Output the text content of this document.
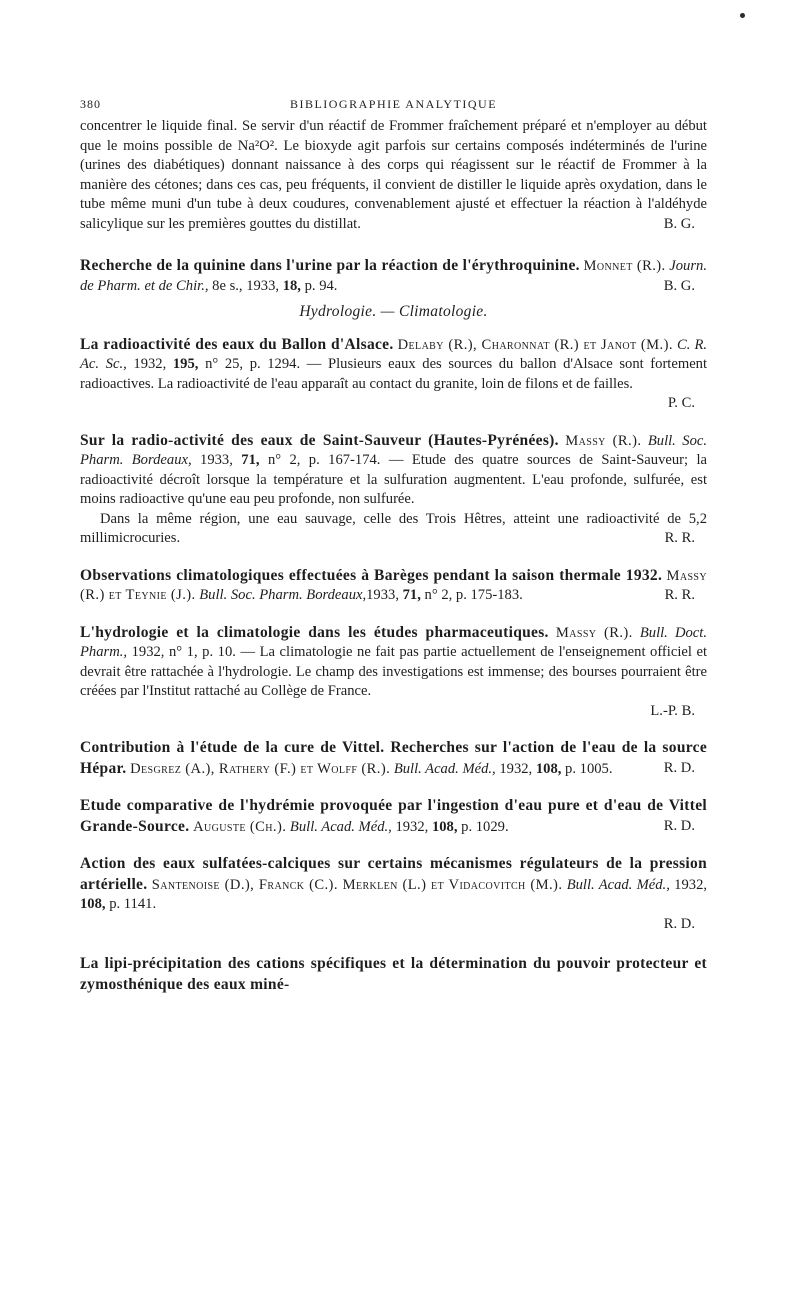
380	BIBLIOGRAPHIE ANALYTIQUE

concentrer le liquide final. Se servir d'un réactif de Frommer fraîchement préparé et n'employer au début que le moins possible de Na²O². Le bioxyde agit parfois sur certains composés indéterminés de l'urine (urines des diabétiques) donnant naissance à des corps qui réagissent sur le réactif de Frommer à la manière des cétones; dans ces cas, peu fréquents, il convient de distiller le liquide après oxydation, dans le tube même muni d'un tube à deux coudures, convenablement ajusté et effectuer la réaction à l'aldéhyde salicylique sur les premières gouttes du distillat.	B. G.

Recherche de la quinine dans l'urine par la réaction de l'érythroquinine. Monnet (R.). Journ. de Pharm. et de Chir., 8e s., 1933, 18, p. 94.	B. G.

Hydrologie. — Climatologie.

La radioactivité des eaux du Ballon d'Alsace. Delaby (R.), Charonnat (R.) et Janot (M.). C. R. Ac. Sc., 1932, 195, n° 25, p. 1294. — Plusieurs eaux des sources du ballon d'Alsace sont fortement radioactives. La radioactivité de l'eau apparaît au contact du granite, loin de filons et de failles.
P. C.

Sur la radio-activité des eaux de Saint-Sauveur (Hautes-Pyrénées). Massy (R.). Bull. Soc. Pharm. Bordeaux, 1933, 71, n° 2, p. 167-174. — Etude des quatre sources de Saint-Sauveur; la radioactivité décroît lorsque la température et la sulfuration augmentent. L'eau profonde, sulfurée, est moins radioactive qu'une eau peu profonde, non sulfurée.

Dans la même région, une eau sauvage, celle des Trois Hêtres, atteint une radioactivité de 5,2 millimicrocuries.	R. R.

Observations climatologiques effectuées à Barèges pendant la saison thermale 1932. Massy (R.) et Teynie (J.). Bull. Soc. Pharm. Bordeaux,1933, 71, n° 2, p. 175-183.	R. R.

L'hydrologie et la climatologie dans les études pharmaceutiques. Massy (R.). Bull. Doct. Pharm., 1932, n° 1, p. 10. — La climatologie ne fait pas partie actuellement de l'enseignement officiel et devrait être rattachée à l'hydrologie. Le champ des investigations est immense; des bourses pourraient être créées par l'Institut rattaché au Collège de France.
L.-P. B.

Contribution à l'étude de la cure de Vittel. Recherches sur l'action de l'eau de la source Hépar. Desgrez (A.), Rathery (F.) et Wolff (R.). Bull. Acad. Méd., 1932, 108, p. 1005.	R. D.

Etude comparative de l'hydrémie provoquée par l'ingestion d'eau pure et d'eau de Vittel Grande-Source. Auguste (Ch.). Bull. Acad. Méd., 1932, 108, p. 1029.	R. D.

Action des eaux sulfatées-calciques sur certains mécanismes régulateurs de la pression artérielle. Santenoise (D.), Franck (C.). Merklen (L.) et Vidacovitch (M.). Bull. Acad. Méd., 1932, 108, p. 1141.
R. D.

La lipi-précipitation des cations spécifiques et la détermination du pouvoir protecteur et zymosthénique des eaux miné-
